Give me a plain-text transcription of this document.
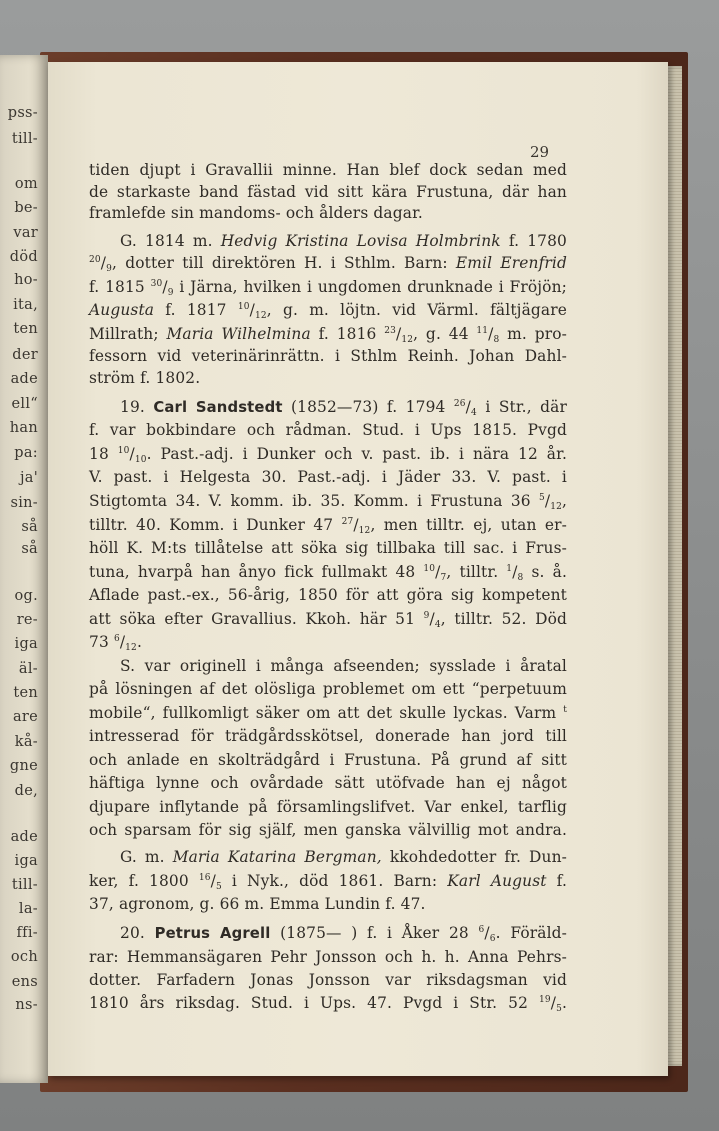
pss-
till-
om
be-
var
död
ho-
ita,
ten
der
ade
ell“
han
pa:
ja'
sin-
så
så
og.
re-
iga
äl-
ten
are
kå-
gne
de,
ade
iga
till-
la-
ffi-
och
ens
ns-
29
tiden djupt i Gravallii minne. Han blef dock sedan med
de starkaste band fästad vid sitt kära Frustuna, där han
framlefde sin mandoms- och ålders dagar.
G. 1814 m. Hedvig Kristina Lovisa Holmbrink f. 1780
$^{20}/_9$, dotter till direktören H. i Sthlm. Barn: Emil Erenfrid
f. 1815 $^{30}/_9$ i Järna, hvilken i ungdomen drunknade i Fröjön;
Augusta f. 1817 $^{10}/_{12}$, g. m. löjtn. vid Värml. fältjägare
Millrath; Maria Wilhelmina f. 1816 $^{23}/_{12}$, g. 44 $^{11}/_8$ m. pro-
fessorn vid veterinärinrättn. i Sthlm Reinh. Johan Dahl-
ström f. 1802.
19. Carl Sandstedt (1852—73) f. 1794 $^{26}/_4$ i Str., där
f. var bokbindare och rådman. Stud. i Ups 1815. Pvgd
18 $^{10}/_{10}$. Past.-adj. i Dunker och v. past. ib. i nära 12 år.
V. past. i Helgesta 30. Past.-adj. i Jäder 33. V. past. i
Stigtomta 34. V. komm. ib. 35. Komm. i Frustuna 36 $^5/_{12}$,
tilltr. 40. Komm. i Dunker 47 $^{27}/_{12}$, men tilltr. ej, utan er-
höll K. M:ts tillåtelse att söka sig tillbaka till sac. i Frus-
tuna, hvarpå han ånyo fick fullmakt 48 $^{10}/_7$, tilltr. $^1/_8$ s. å.
Aflade past.-ex., 56-årig, 1850 för att göra sig kompetent
att söka efter Gravallius. Kkoh. här 51 $^9/_4$, tilltr. 52. Död
73 $^6/_{12}$.
S. var originell i många afseenden; sysslade i åratal
på lösningen af det olösliga problemet om ett “perpetuum
mobile“, fullkomligt säker om att det skulle lyckas. Varm $^t$
intresserad för trädgårdsskötsel, donerade han jord till
och anlade en skolträdgård i Frustuna. På grund af sitt
häftiga lynne och ovårdade sätt utöfvade han ej något
djupare inflytande på församlingslifvet. Var enkel, tarflig
och sparsam för sig själf, men ganska välvillig mot andra.
G. m. Maria Katarina Bergman, kkohdedotter fr. Dun-
ker, f. 1800 $^{16}/_5$ i Nyk., död 1861. Barn: Karl August f.
37, agronom, g. 66 m. Emma Lundin f. 47.
20. Petrus Agrell (1875— ) f. i Åker 28 $^6/_6$. Föräld-
rar: Hemmansägaren Pehr Jonsson och h. h. Anna Pehrs-
dotter. Farfadern Jonas Jonsson var riksdagsman vid
1810 års riksdag. Stud. i Ups. 47. Pvgd i Str. 52 $^{19}/_5$.
